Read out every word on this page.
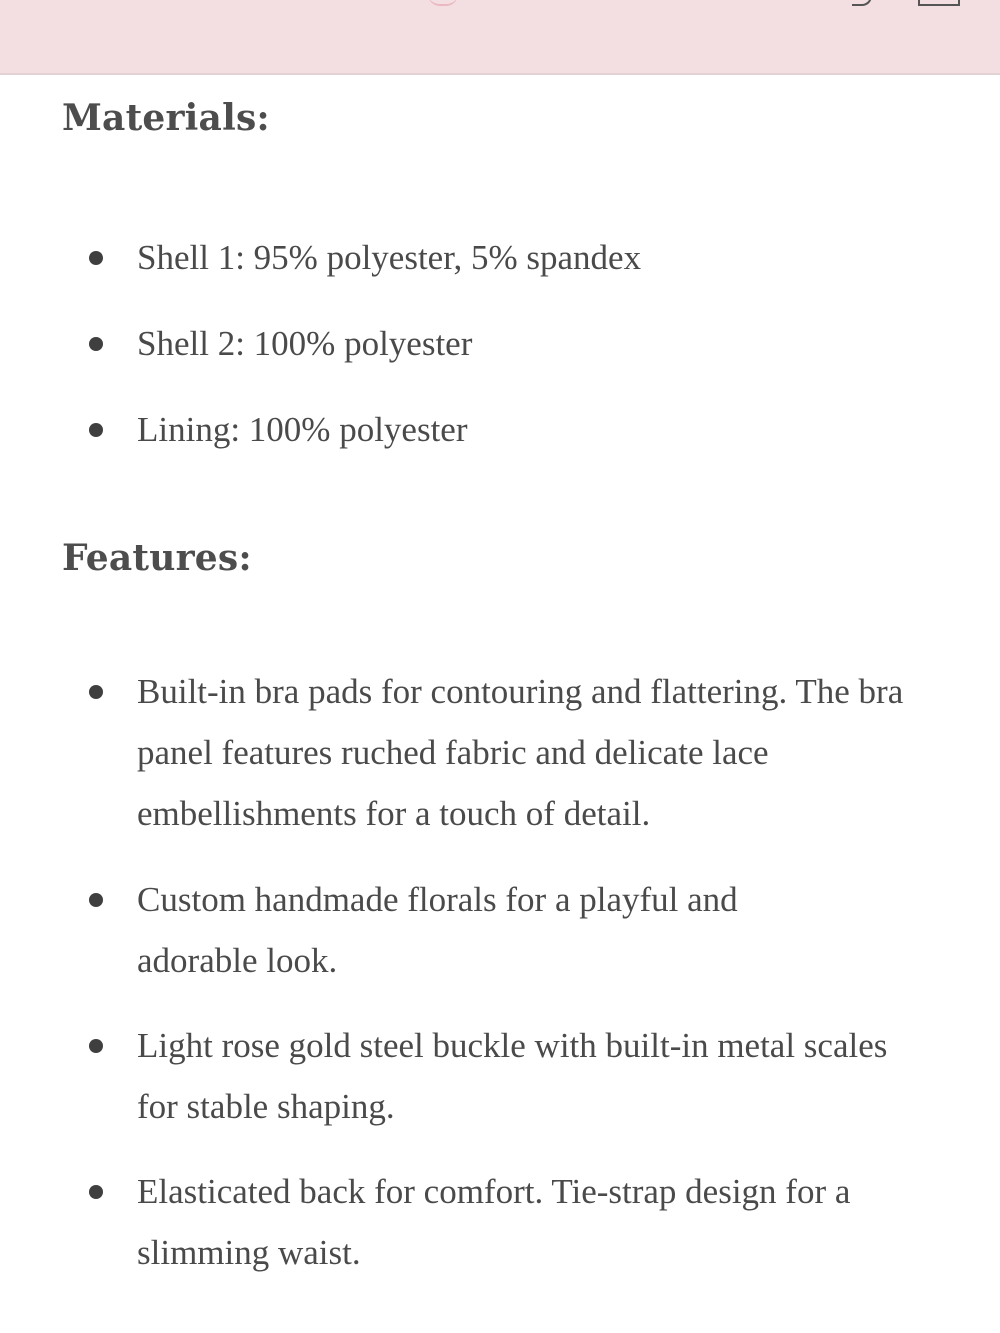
Materials:
Shell 1: 95% polyester, 5% spandex
Shell 2: 100% polyester
Lining: 100% polyester
Features:
Built-in bra pads for contouring and flattering. The bra panel features ruched fabric and delicate lace embellishments for a touch of detail.
Custom handmade florals for a playful and adorable look.
Light rose gold steel buckle with built-in metal scales for stable shaping.
Elasticated back for comfort. Tie-strap design for a slimming waist.
